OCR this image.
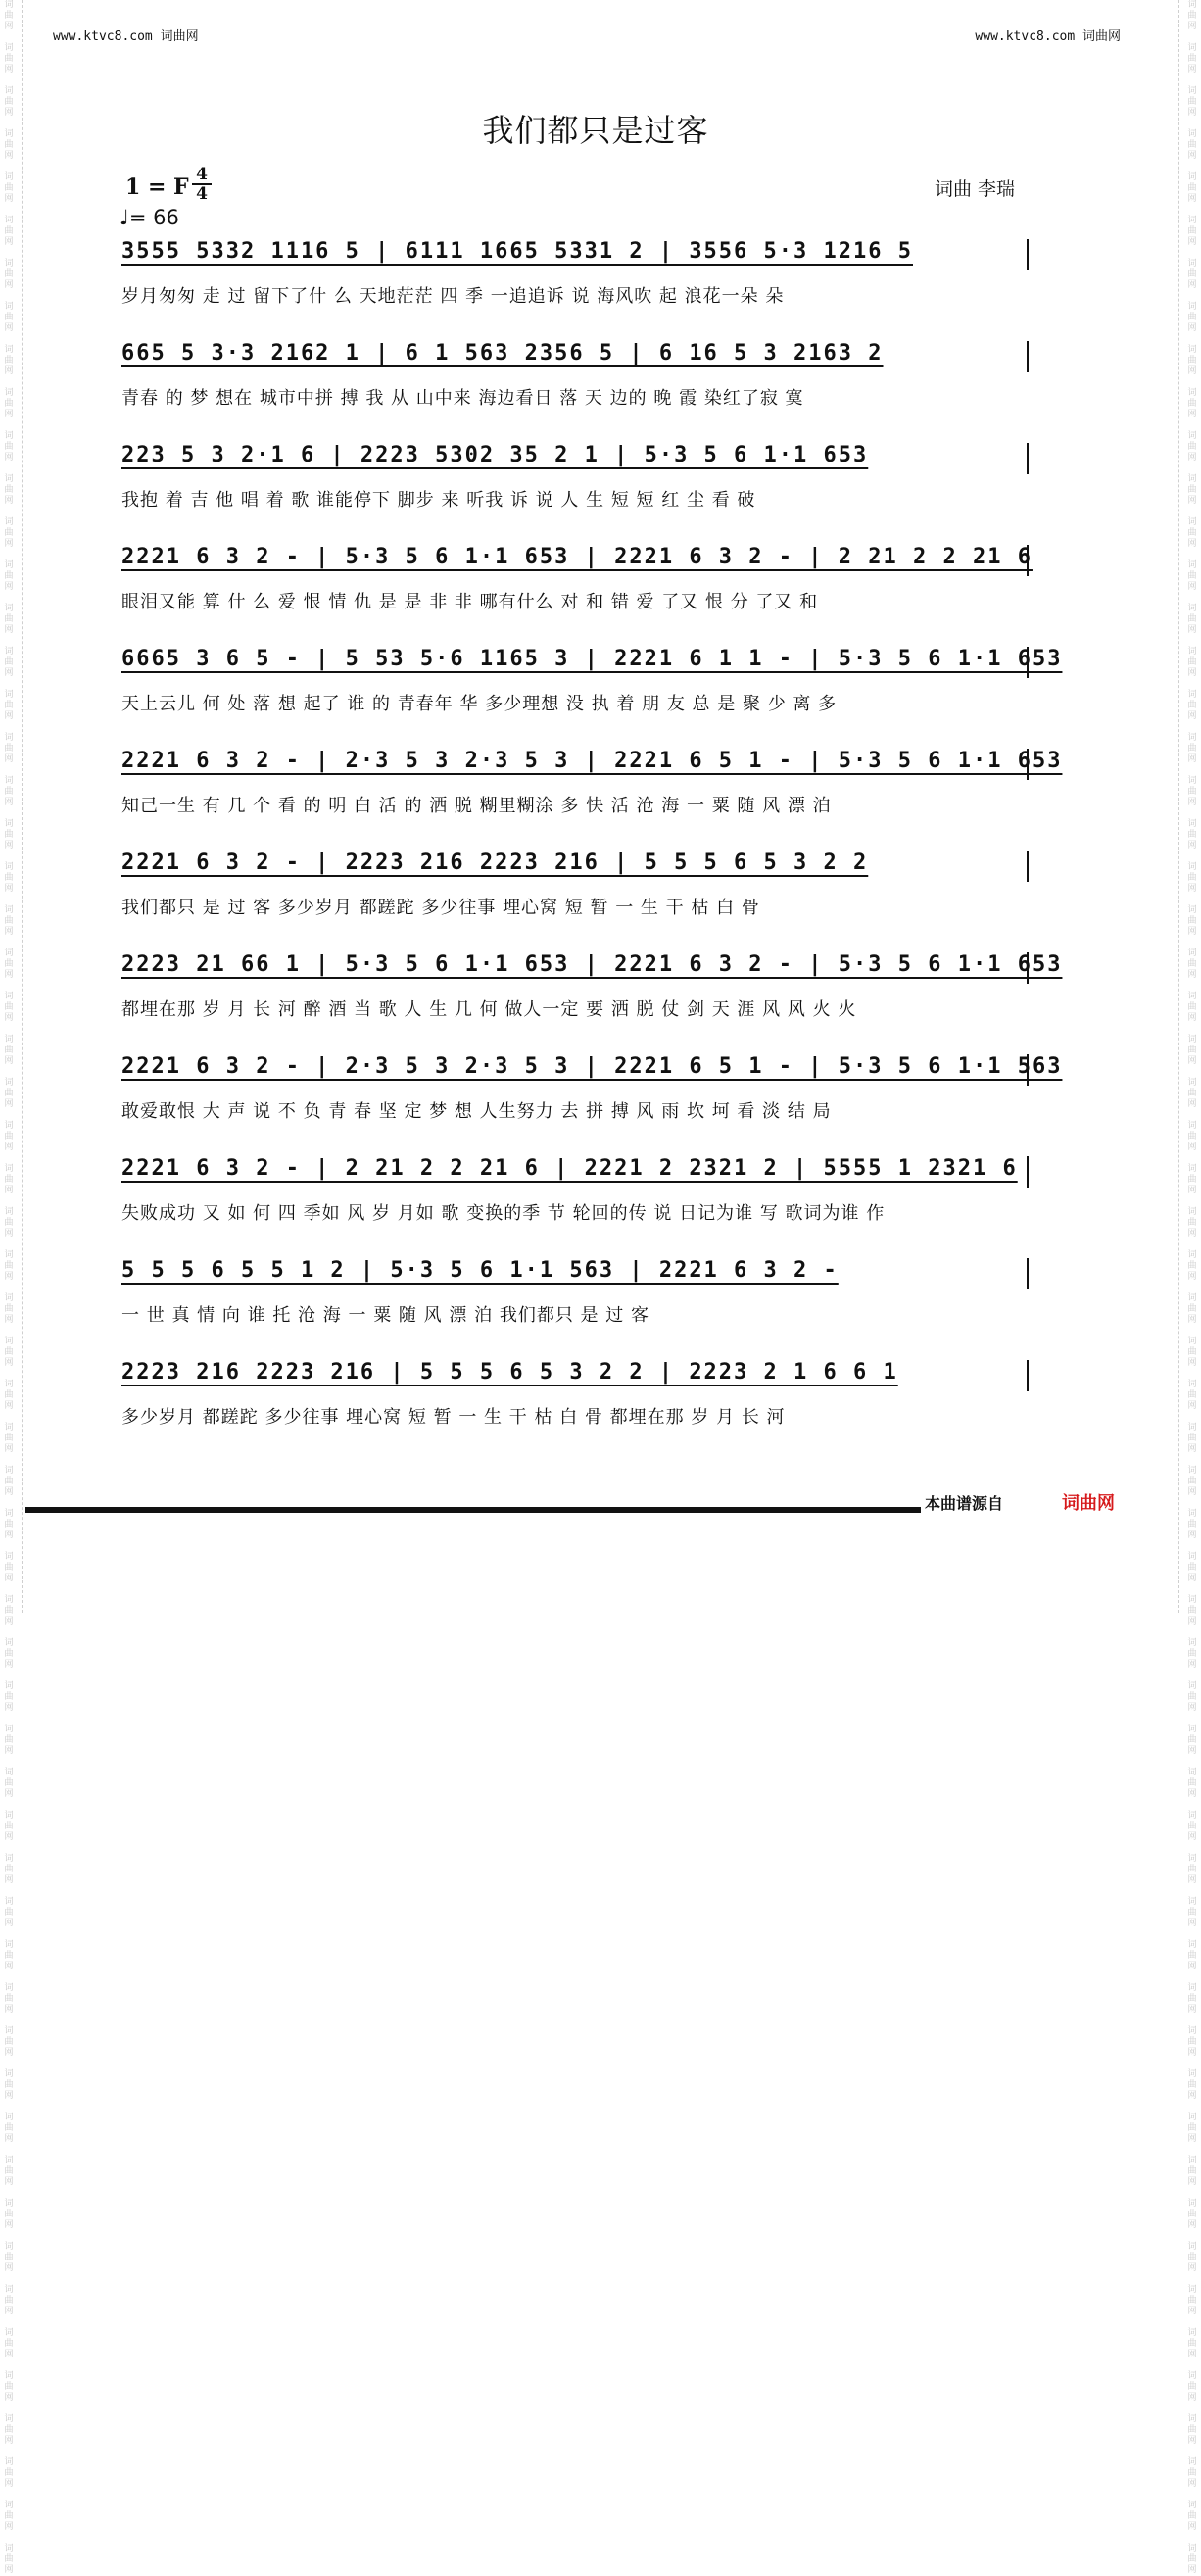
词
曲
网

词
曲
网

词
曲
网

词
曲
网

词
曲
网

词
曲
网

词
曲
网

词
曲
网

词
曲
网

词
曲
网

词
曲
网

词
曲
网

词
曲
网

词
曲
网

词
曲
网

词
曲
网

词
曲
网

词
曲
网

词
曲
网

词
曲
网

词
曲
网

词
曲
网

词
曲
网

词
曲
网

词
曲
网

词
曲
网

词
曲
网

词
曲
网

词
曲
网

词
曲
网

词
曲
网

词
曲
网

词
曲
网

词
曲
网

词
曲
网

词
曲
网

词
曲
网

词
曲
网

词
曲
网

词
曲
网

词
曲
网

词
曲
网

词
曲
网

词
曲
网

词
曲
网

词
曲
网

词
曲
网

词
曲
网

词
曲
网

词
曲
网

词
曲
网

词
曲
网

词
曲
网

词
曲
网

词
曲
网

词
曲
网

词
曲
网

词
曲
网

词
曲
网

词
曲
网

词
曲
网

词
曲
网

词
曲
网

词
曲
网

词
曲
网

词
曲
网

词
曲
网

词
曲
网

词
曲
网

词
曲
网

词
曲
网

词
曲
网

词
曲
网

词
曲
网

词
曲
网

词
曲
网

词
曲
网

词
曲
网

词
曲
网

词
曲
网

词
曲
网

词
曲
网

词
曲
网

词
曲
网

词
曲
网

词
曲
网

词
曲
网

词
曲
网

词
曲
网

词
曲
网

词
曲
网

词
曲
网

词
曲
网

词
曲
网

词
曲
网

词
曲
网

词
曲
网

词
曲
网

词
曲
网

词
曲
网

词
曲
网

词
曲
网

词
曲
网

词
曲
网

词
曲
网

词
曲
网

词
曲
网

词
曲
网

词
曲
网

词
曲
网

词
曲
网

词
曲
网

词
曲
网

词
曲
网

词
曲
网

词
曲
网

词
曲
网

词
曲
网

词
曲
网

词
曲
网

www.ktvc8.com 词曲网	www.ktvc8.com 词曲网
我们都只是过客
1 = F 4
4
♩= 66
词曲 李瑞
3555 5332 1116 5 | 6111 1665 5331 2 | 3556 5·3 1216 5
岁月匆匆 走 过 留下了什 么 天地茫茫 四 季 一追追诉 说 海风吹 起 浪花一朵 朵
665 5 3·3 2162 1 | 6 1 563 2356 5 | 6 16 5 3 2163 2
青春 的 梦 想在 城市中拼 搏 我 从 山中来 海边看日 落 天 边的 晚 霞 染红了寂 寞
223 5 3 2·1 6 | 2223 5302 35 2 1 | 5·3 5 6 1·1 653
我抱 着 吉 他 唱 着 歌 谁能停下 脚步 来 听我 诉 说 人 生 短 短 红 尘 看 破
2221 6 3 2 - | 5·3 5 6 1·1 653 | 2221 6 3 2 - | 2 21 2 2 21 6
眼泪又能 算 什 么 爱 恨 情 仇 是 是 非 非 哪有什么 对 和 错 爱 了又 恨 分 了又 和
6665 3 6 5 - | 5 53 5·6 1165 3 | 2221 6 1 1 - | 5·3 5 6 1·1 653
天上云儿 何 处 落 想 起了 谁 的 青春年 华 多少理想 没 执 着 朋 友 总 是 聚 少 离 多
2221 6 3 2 - | 2·3 5 3 2·3 5 3 | 2221 6 5 1 - | 5·3 5 6 1·1 653
知己一生 有 几 个 看 的 明 白 活 的 洒 脱 糊里糊涂 多 快 活 沧 海 一 粟 随 风 漂 泊
2221 6 3 2 - | 2223 216 2223 216 | 5 5 5 6 5 3 2 2
我们都只 是 过 客 多少岁月 都蹉跎 多少往事 埋心窝 短 暂 一 生 干 枯 白 骨
2223 21 66 1 | 5·3 5 6 1·1 653 | 2221 6 3 2 - | 5·3 5 6 1·1 653
都埋在那 岁 月 长 河 醉 酒 当 歌 人 生 几 何 做人一定 要 洒 脱 仗 剑 天 涯 风 风 火 火
2221 6 3 2 - | 2·3 5 3 2·3 5 3 | 2221 6 5 1 - | 5·3 5 6 1·1 563
敢爱敢恨 大 声 说 不 负 青 春 坚 定 梦 想 人生努力 去 拼 搏 风 雨 坎 坷 看 淡 结 局
2221 6 3 2 - | 2 21 2 2 21 6 | 2221 2 2321 2 | 5555 1 2321 6
失败成功 又 如 何 四 季如 风 岁 月如 歌 变换的季 节 轮回的传 说 日记为谁 写 歌词为谁 作
5 5 5 6 5 5 1 2 | 5·3 5 6 1·1 563 | 2221 6 3 2 -
一 世 真 情 向 谁 托 沧 海 一 粟 随 风 漂 泊 我们都只 是 过 客
2223 216 2223 216 | 5 5 5 6 5 3 2 2 | 2223 2 1 6 6 1
多少岁月 都蹉跎 多少往事 埋心窝 短 暂 一 生 干 枯 白 骨 都埋在那 岁 月 长 河
本曲谱源自	词曲网
